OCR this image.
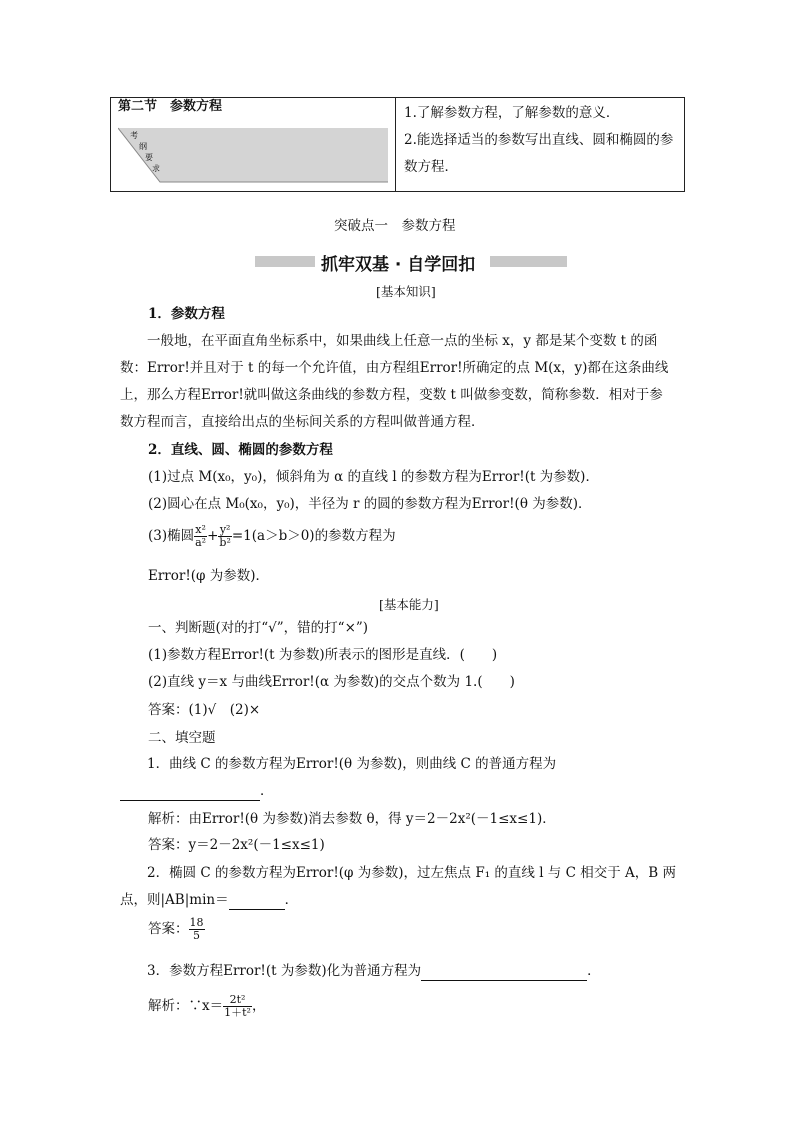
第二节　参数方程
考
纲
要
求
1.了解参数方程，了解参数的意义．
2.能选择适当的参数写出直线、圆和椭圆的参
数方程．
突破点一　参数方程
抓牢双基 · 自学回扣
[基本知识]
1．参数方程
一般地，在平面直角坐标系中，如果曲线上任意一点的坐标 x，y 都是某个变数 t 的函
数：Error!并且对于 t 的每一个允许值，由方程组Error!所确定的点 M(x，y)都在这条曲线
上，那么方程Error!就叫做这条曲线的参数方程，变数 t 叫做参变数，简称参数．相对于参
数方程而言，直接给出点的坐标间关系的方程叫做普通方程．
2．直线、圆、椭圆的参数方程
(1)过点 M(x₀，y₀)，倾斜角为 α 的直线 l 的参数方程为Error!(t 为参数)．
(2)圆心在点 M₀(x₀，y₀)，半径为 r 的圆的参数方程为Error!(θ 为参数)．
(3)椭圆 $\frac{\text{x²}}{\text{a²}} + \frac{\text{y²}}{\text{b²}} =1(a>b>0)$的参数方程为
Error!(φ 为参数)．
[基本能力]
一、判断题(对的打“√”，错的打“×”)
(1)参数方程Error!(t 为参数)所表示的图形是直线．(　　)
(2)直线 y＝x 与曲线Error!(α 为参数)的交点个数为 1.(　　)
答案：(1)√　(2)×
二、填空题
1．曲线 C 的参数方程为Error!(θ 为参数)，则曲线 C 的普通方程为
．
解析：由Error!(θ 为参数)消去参数 θ，得 y＝2－2x²(－1≤x≤1)．
答案：y＝2－2x²(－1≤x≤1)
2．椭圆 C 的参数方程为Error!(φ 为参数)，过左焦点 F₁ 的直线 l 与 C 相交于 A，B 两
点，则|AB|min＝	．
答案： $\frac{18}{5}$
3．参数方程Error!(t 为参数)化为普通方程为	．
解析：∵x＝ $\frac{\text{2t²}}{\text{1＋t²}}$ ，
